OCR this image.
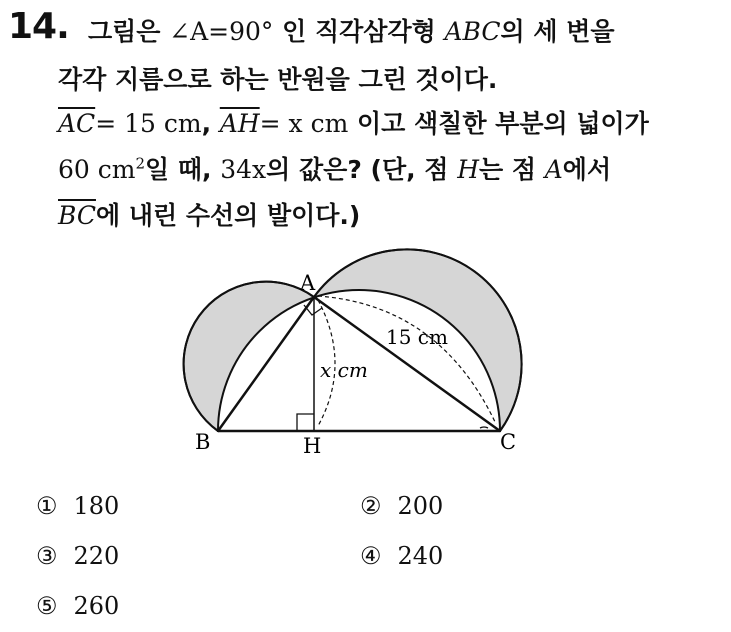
14. 그림은 ∠A=90° 인 직각삼각형 ABC의 세 변을
각각 지름으로 하는 반원을 그린 것이다.
$\overline{AC}= 15$ cm, $\overline{AH}= x$ cm 이고 색칠한 부분의 넓이가
60 $cm^2$일 때, 34x의 값은? (단, 점 H는 점 A에서
$\overline{BC}$에 내린 수선의 발이다.)
A
B	C
H
15 cm
x cm
① 180	② 200
③ 220	④ 240
⑤ 260
